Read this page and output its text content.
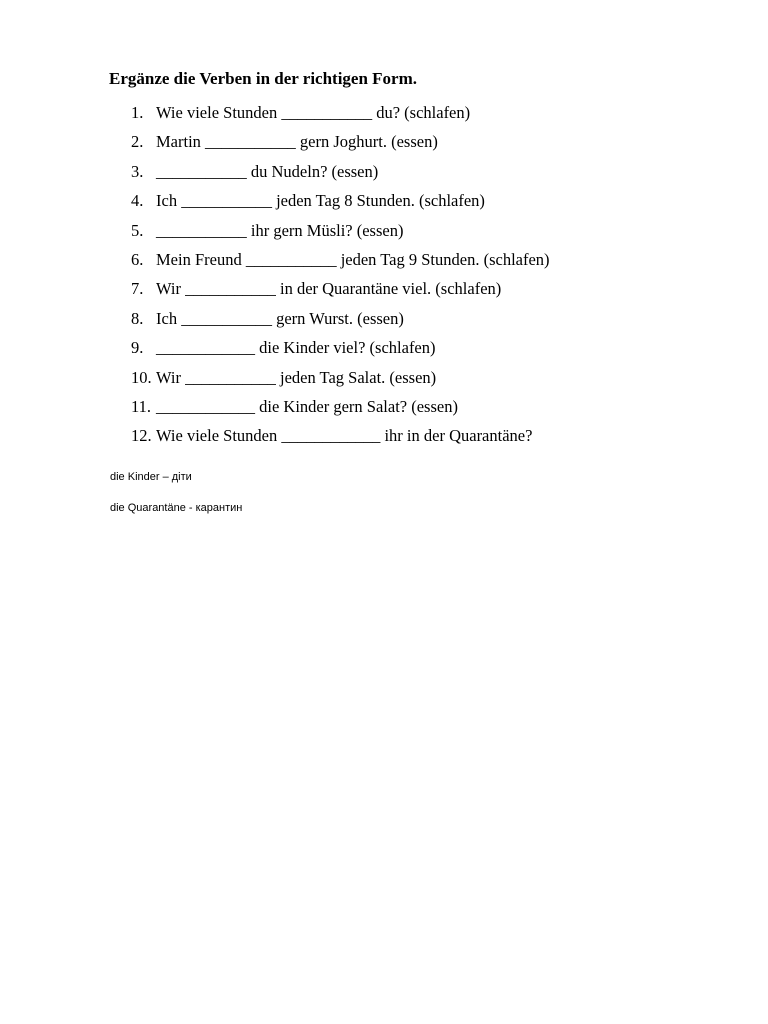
Ergänze die Verben in der richtigen Form.
1. Wie viele Stunden ___________ du? (schlafen)
2. Martin ___________ gern Joghurt. (essen)
3. ___________ du Nudeln? (essen)
4. Ich ___________ jeden Tag 8 Stunden. (schlafen)
5. ___________ ihr gern Müsli? (essen)
6. Mein Freund ___________ jeden Tag 9 Stunden. (schlafen)
7. Wir ___________ in der Quarantäne viel. (schlafen)
8. Ich ___________ gern Wurst. (essen)
9. ____________ die Kinder viel? (schlafen)
10. Wir ___________ jeden Tag Salat. (essen)
11. ____________ die Kinder gern Salat? (essen)
12. Wie viele Stunden ____________ ihr in der Quarantäne?
die Kinder – діти
die Quarantäne - карантин
